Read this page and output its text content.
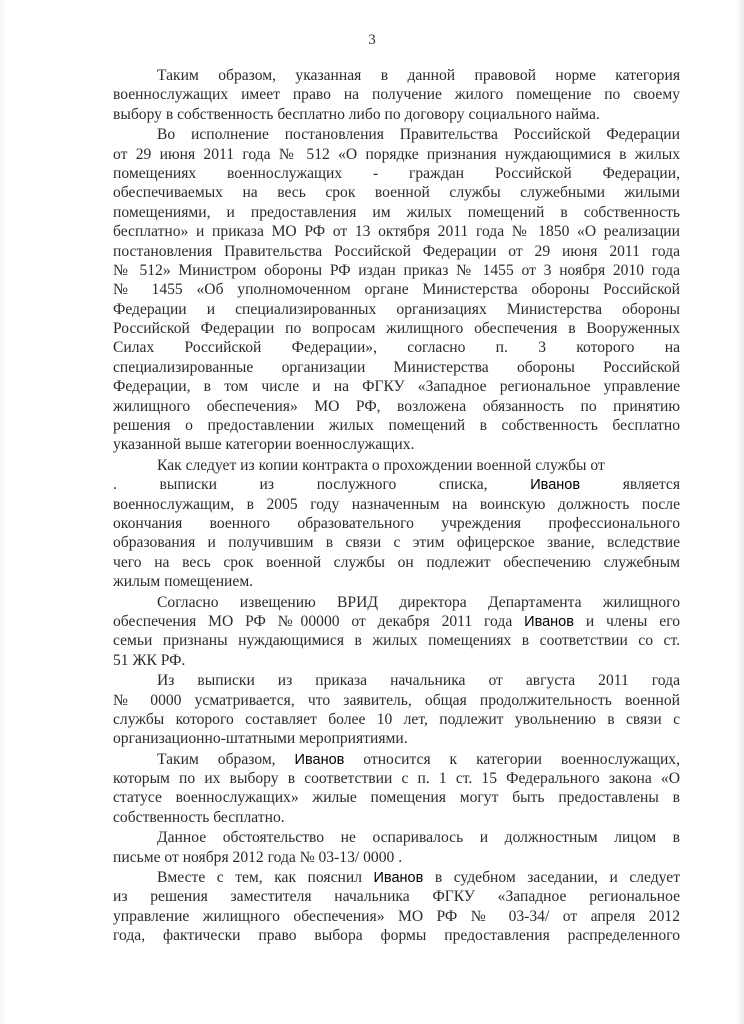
3
Таким образом, указанная в данной правовой норме категория
военнослужащих имеет право на получение жилого помещение по своему
выбору в собственность бесплатно либо по договору социального найма.
Во исполнение постановления Правительства Российской Федерации
от 29 июня 2011 года № 512 «О порядке признания нуждающимися в жилых
помещениях военнослужащих - граждан Российской Федерации,
обеспечиваемых на весь срок военной службы служебными жилыми
помещениями, и предоставления им жилых помещений в собственность
бесплатно» и приказа МО РФ от 13 октября 2011 года № 1850 «О реализации
постановления Правительства Российской Федерации от 29 июня 2011 года
№ 512» Министром обороны РФ издан приказ № 1455 от 3 ноября 2010 года
№ 1455 «Об уполномоченном органе Министерства обороны Российской
Федерации и специализированных организациях Министерства обороны
Российской Федерации по вопросам жилищного обеспечения в Вооруженных
Силах Российской Федерации», согласно п. 3 которого на
специализированные организации Министерства обороны Российской
Федерации, в том числе и на ФГКУ «Западное региональное управление
жилищного обеспечения» МО РФ, возложена обязанность по принятию
решения о предоставлении жилых помещений в собственность бесплатно
указанной выше категории военнослужащих.
Как следует из копии контракта о прохождении военной службы от
. выписки из послужного списка, Иванов является
военнослужащим, в 2005 году назначенным на воинскую должность после
окончания военного образовательного учреждения профессионального
образования и получившим в связи с этим офицерское звание, вследствие
чего на весь срок военной службы он подлежит обеспечению служебным
жилым помещением.
Согласно извещению ВРИД директора Департамента жилищного
обеспечения МО РФ №00000 от декабря 2011 года Иванов и члены его
семьи признаны нуждающимися в жилых помещениях в соответствии со ст.
51 ЖК РФ.
Из выписки из приказа начальника от августа 2011 года
№ 0000 усматривается, что заявитель, общая продолжительность военной
службы которого составляет более 10 лет, подлежит увольнению в связи с
организационно-штатными мероприятиями.
Таким образом, Иванов относится к категории военнослужащих,
которым по их выбору в соответствии с п. 1 ст. 15 Федерального закона «О
статусе военнослужащих» жилые помещения могут быть предоставлены в
собственность бесплатно.
Данное обстоятельство не оспаривалось и должностным лицом в
письме от ноября 2012 года № 03-13/ 0000 .
Вместе с тем, как пояснил Иванов в судебном заседании, и следует
из решения заместителя начальника ФГКУ «Западное региональное
управление жилищного обеспечения» МО РФ № 03-34/ от апреля 2012
года, фактически право выбора формы предоставления распределенного
